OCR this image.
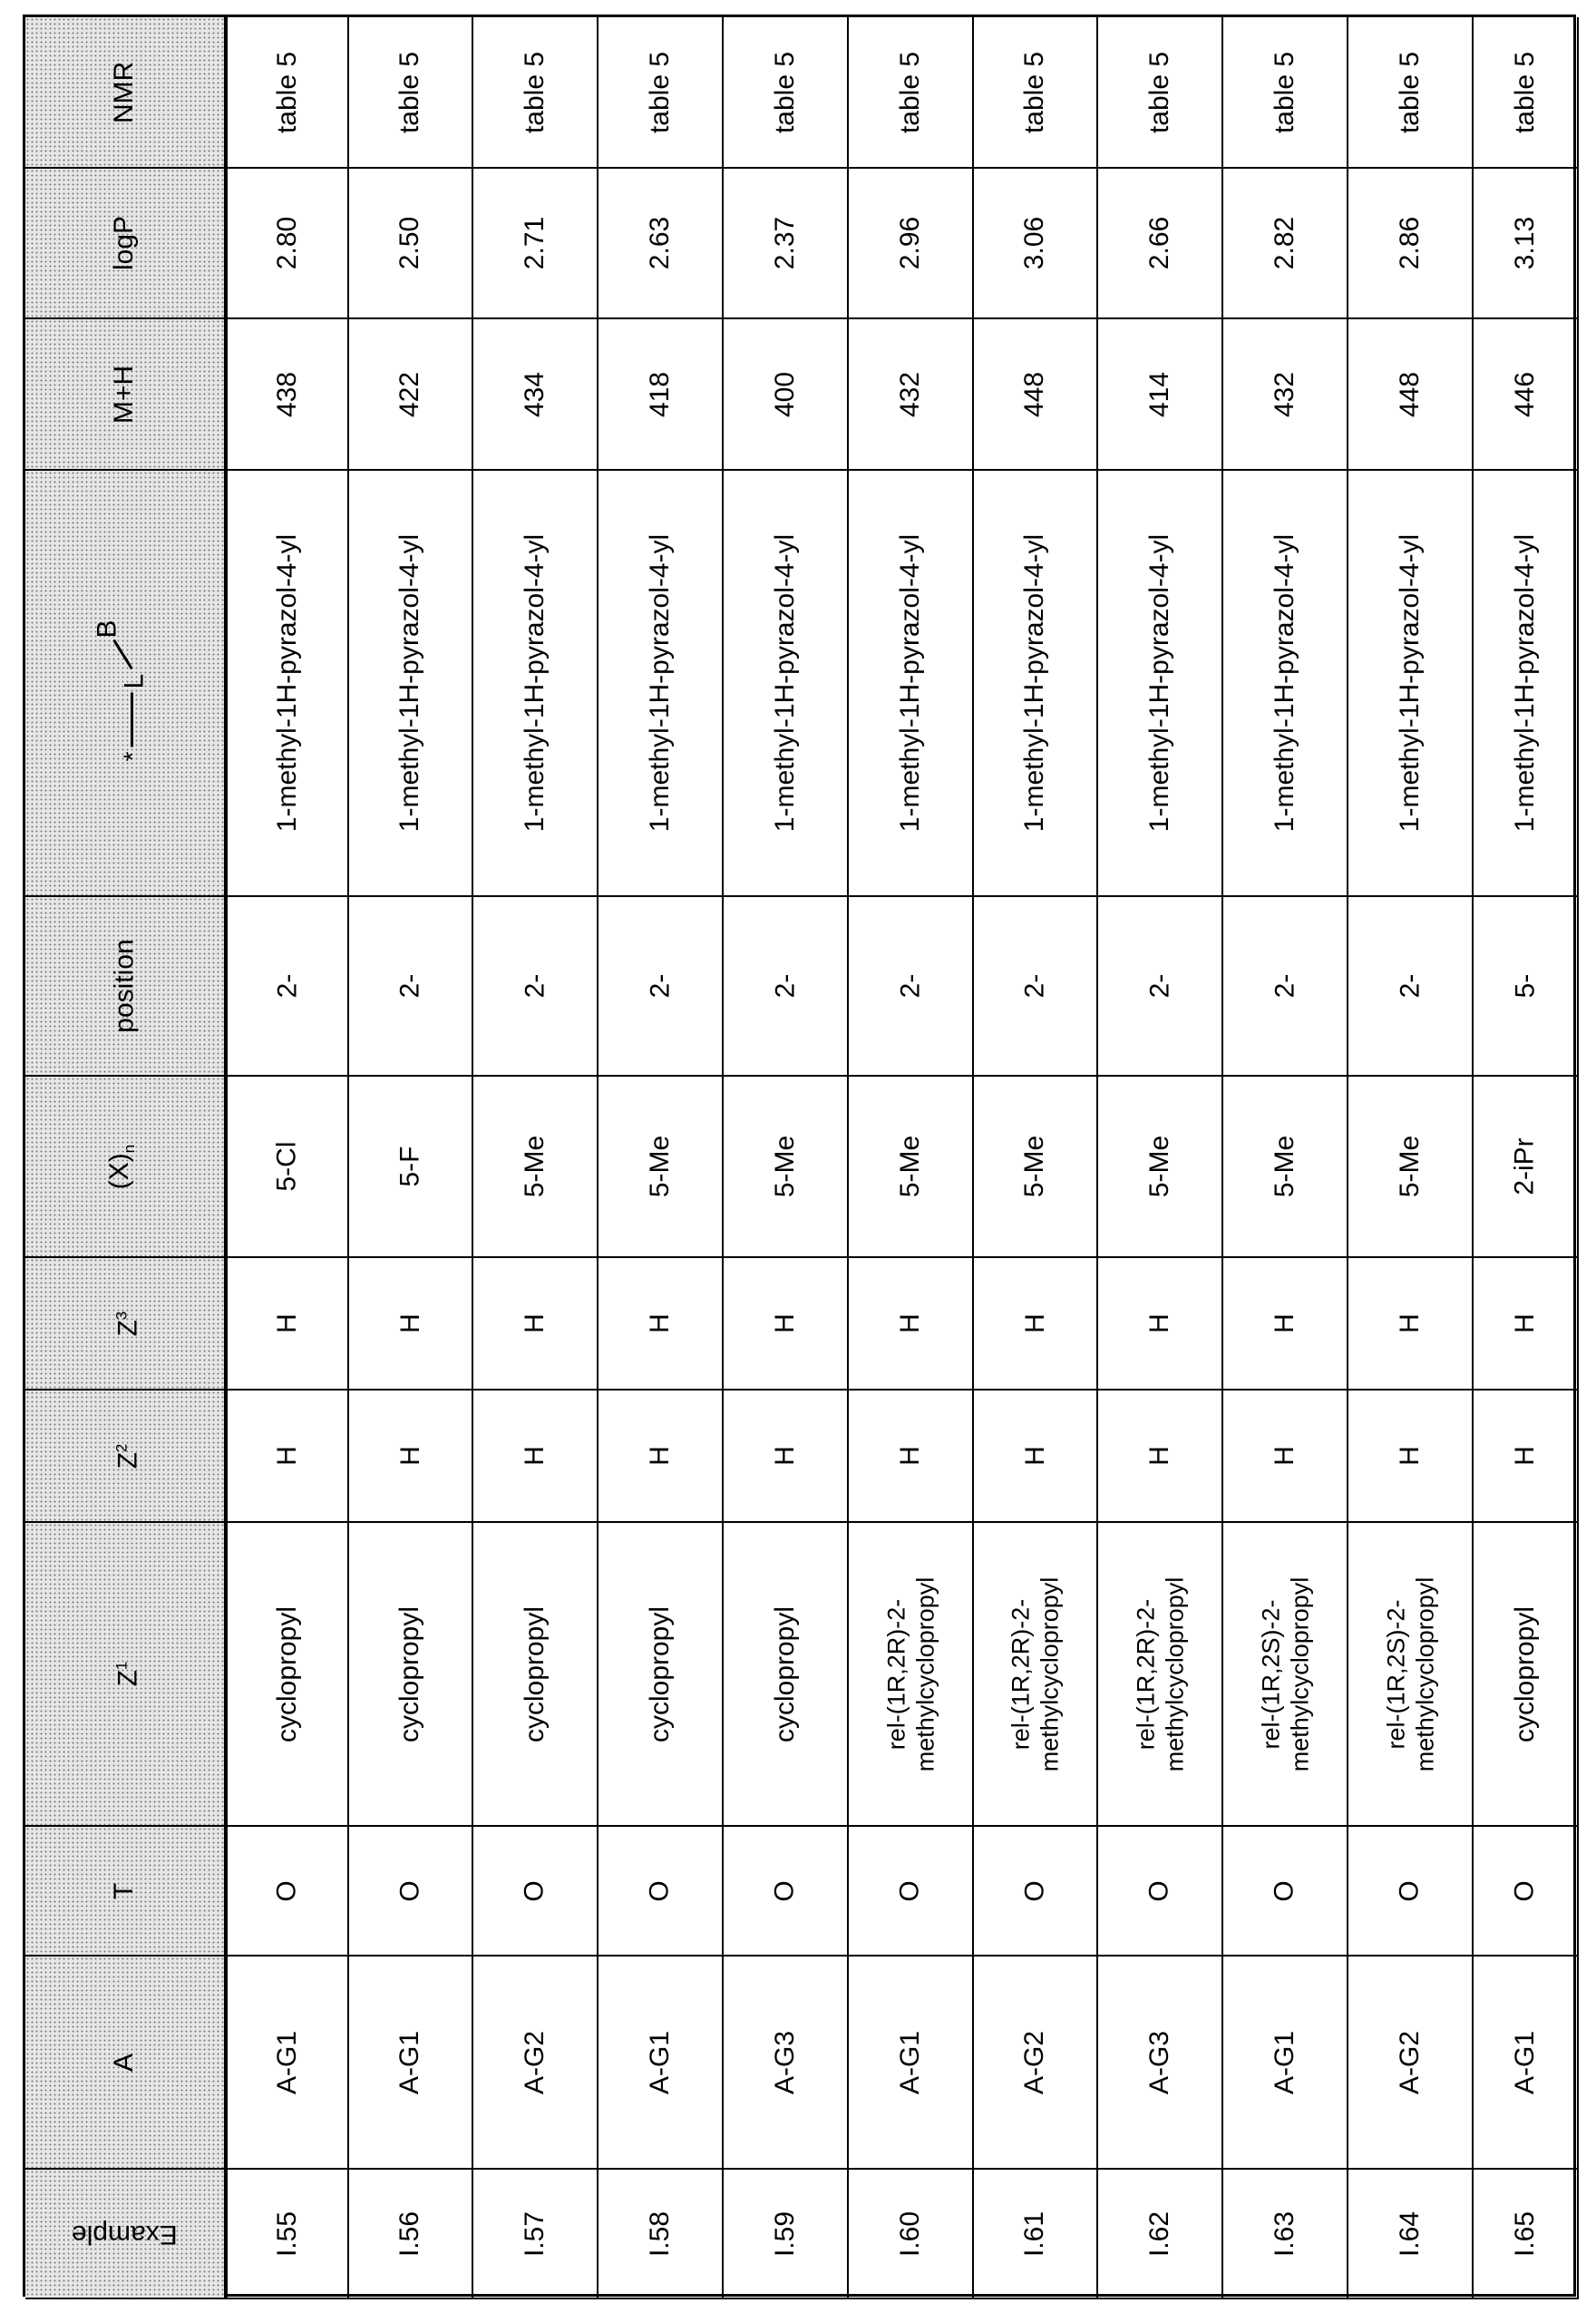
NMR	table 5	table 5	table 5	table 5	table 5	table 5	table 5	table 5	table 5	table 5	table 5
logP	2.80	2.50	2.71	2.63	2.37	2.96	3.06	2.66	2.82	2.86	3.13
M+H	438	422	434	418	400	432	448	414	432	448	446
*
L
B	1-methyl-1H-pyrazol-4-yl	1-methyl-1H-pyrazol-4-yl	1-methyl-1H-pyrazol-4-yl	1-methyl-1H-pyrazol-4-yl	1-methyl-1H-pyrazol-4-yl	1-methyl-1H-pyrazol-4-yl	1-methyl-1H-pyrazol-4-yl	1-methyl-1H-pyrazol-4-yl	1-methyl-1H-pyrazol-4-yl	1-methyl-1H-pyrazol-4-yl	1-methyl-1H-pyrazol-4-yl
position	2-	2-	2-	2-	2-	2-	2-	2-	2-	2-	5-
$(X)_n$	5-Cl	5-F	5-Me	5-Me	5-Me	5-Me	5-Me	5-Me	5-Me	5-Me	2-iPr
$Z^3$	H	H	H	H	H	H	H	H	H	H	H
$Z^2$	H	H	H	H	H	H	H	H	H	H	H
$Z^1$	cyclopropyl	cyclopropyl	cyclopropyl	cyclopropyl	cyclopropyl	rel-(1R,2R)-2-methylcyclopropyl	rel-(1R,2R)-2-methylcyclopropyl	rel-(1R,2R)-2-methylcyclopropyl	rel-(1R,2S)-2-methylcyclopropyl	rel-(1R,2S)-2-methylcyclopropyl	cyclopropyl
T	O	O	O	O	O	O	O	O	O	O	O
A	A-G1	A-G1	A-G2	A-G1	A-G3	A-G1	A-G2	A-G3	A-G1	A-G2	A-G1
Example	I.55	I.56	I.57	I.58	I.59	I.60	I.61	I.62	I.63	I.64	I.65
